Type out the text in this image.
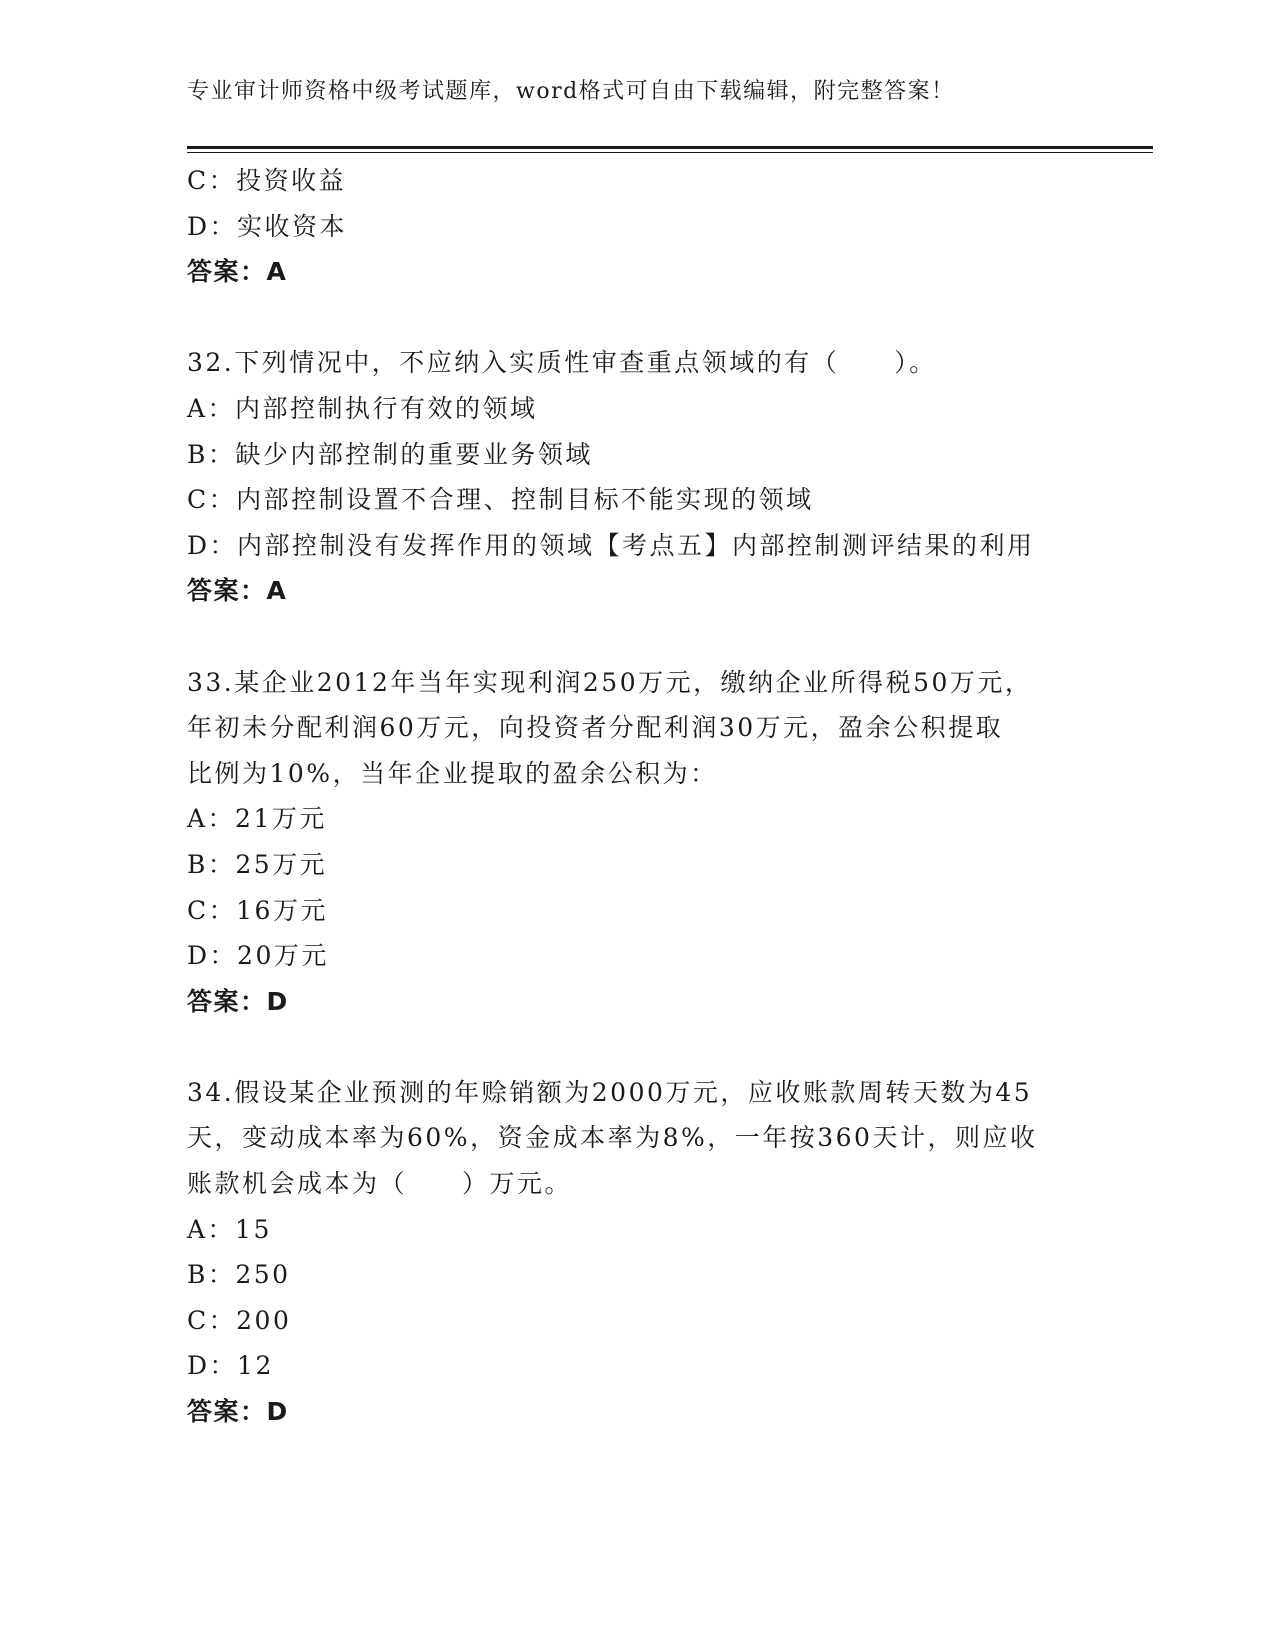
专业审计师资格中级考试题库，word格式可自由下载编辑，附完整答案！
C：投资收益
D：实收资本
答案：A
32.下列情况中，不应纳入实质性审查重点领域的有（　　）。
A：内部控制执行有效的领域
B：缺少内部控制的重要业务领域
C：内部控制设置不合理、控制目标不能实现的领域
D：内部控制没有发挥作用的领域【考点五】内部控制测评结果的利用
答案：A
33.某企业2012年当年实现利润250万元，缴纳企业所得税50万元，
年初未分配利润60万元，向投资者分配利润30万元，盈余公积提取
比例为10%，当年企业提取的盈余公积为：
A：21万元
B：25万元
C：16万元
D：20万元
答案：D
34.假设某企业预测的年赊销额为2000万元，应收账款周转天数为45
天，变动成本率为60%，资金成本率为8%，一年按360天计，则应收
账款机会成本为（　　）万元。
A：15
B：250
C：200
D：12
答案：D
